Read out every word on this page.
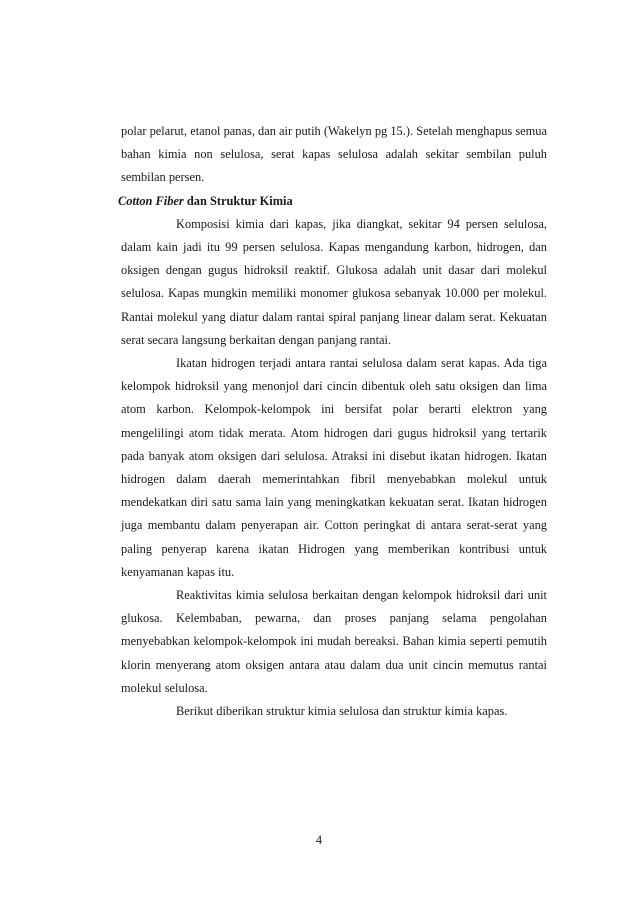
polar pelarut, etanol panas, dan air putih (Wakelyn pg 15.). Setelah menghapus semua bahan kimia non selulosa, serat kapas selulosa adalah sekitar sembilan puluh sembilan persen.

Cotton Fiber dan Struktur Kimia

Komposisi kimia dari kapas, jika diangkat, sekitar 94 persen selulosa, dalam kain jadi itu 99 persen selulosa. Kapas mengandung karbon, hidrogen, dan oksigen dengan gugus hidroksil reaktif. Glukosa adalah unit dasar dari molekul selulosa. Kapas mungkin memiliki monomer glukosa sebanyak 10.000 per molekul. Rantai molekul yang diatur dalam rantai spiral panjang linear dalam serat. Kekuatan serat secara langsung berkaitan dengan panjang rantai.

Ikatan hidrogen terjadi antara rantai selulosa dalam serat kapas. Ada tiga kelompok hidroksil yang menonjol dari cincin dibentuk oleh satu oksigen dan lima atom karbon. Kelompok-kelompok ini bersifat polar berarti elektron yang mengelilingi atom tidak merata. Atom hidrogen dari gugus hidroksil yang tertarik pada banyak atom oksigen dari selulosa. Atraksi ini disebut ikatan hidrogen. Ikatan hidrogen dalam daerah memerintahkan fibril menyebabkan molekul untuk mendekatkan diri satu sama lain yang meningkatkan kekuatan serat. Ikatan hidrogen juga membantu dalam penyerapan air. Cotton peringkat di antara serat-serat yang paling penyerap karena ikatan Hidrogen yang memberikan kontribusi untuk kenyamanan kapas itu.

Reaktivitas kimia selulosa berkaitan dengan kelompok hidroksil dari unit glukosa. Kelembaban, pewarna, dan proses panjang selama pengolahan menyebabkan kelompok-kelompok ini mudah bereaksi. Bahan kimia seperti pemutih klorin menyerang atom oksigen antara atau dalam dua unit cincin memutus rantai molekul selulosa.

Berikut diberikan struktur kimia selulosa dan struktur kimia kapas.

4
